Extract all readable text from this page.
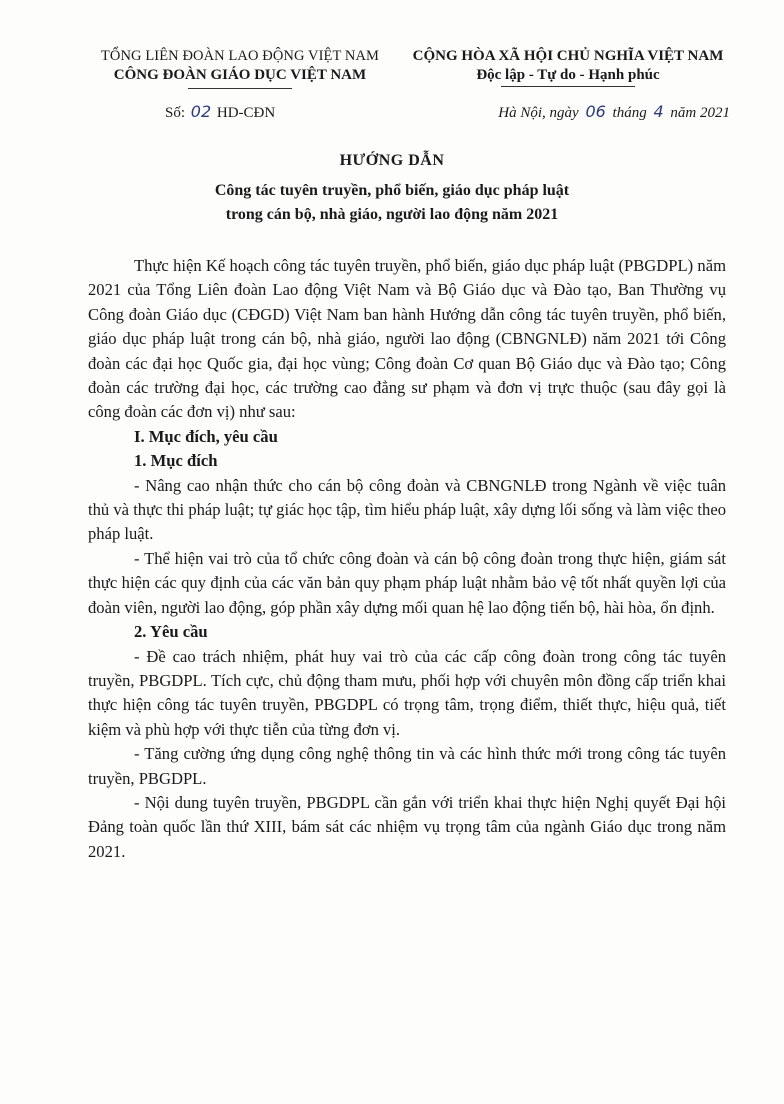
TỔNG LIÊN ĐOÀN LAO ĐỘNG VIỆT NAM
CÔNG ĐOÀN GIÁO DỤC VIỆT NAM
Số: 02 HD-CĐN
CỘNG HÒA XÃ HỘI CHỦ NGHĨA VIỆT NAM
Độc lập - Tự do - Hạnh phúc
Hà Nội, ngày 06 tháng 4 năm 2021
HƯỚNG DẪN
Công tác tuyên truyền, phổ biến, giáo dục pháp luật
trong cán bộ, nhà giáo, người lao động năm 2021

Thực hiện Kế hoạch công tác tuyên truyền, phổ biến, giáo dục pháp luật (PBGDPL) năm 2021 của Tổng Liên đoàn Lao động Việt Nam và Bộ Giáo dục và Đào tạo, Ban Thường vụ Công đoàn Giáo dục (CĐGD) Việt Nam ban hành Hướng dẫn công tác tuyên truyền, phổ biến, giáo dục pháp luật trong cán bộ, nhà giáo, người lao động (CBNGNLĐ) năm 2021 tới Công đoàn các đại học Quốc gia, đại học vùng; Công đoàn Cơ quan Bộ Giáo dục và Đào tạo; Công đoàn các trường đại học, các trường cao đẳng sư phạm và đơn vị trực thuộc (sau đây gọi là công đoàn các đơn vị) như sau:

I. Mục đích, yêu cầu
1. Mục đích

- Nâng cao nhận thức cho cán bộ công đoàn và CBNGNLĐ trong Ngành về việc tuân thủ và thực thi pháp luật; tự giác học tập, tìm hiểu pháp luật, xây dựng lối sống và làm việc theo pháp luật.

- Thể hiện vai trò của tổ chức công đoàn và cán bộ công đoàn trong thực hiện, giám sát thực hiện các quy định của các văn bản quy phạm pháp luật nhằm bảo vệ tốt nhất quyền lợi của đoàn viên, người lao động, góp phần xây dựng mối quan hệ lao động tiến bộ, hài hòa, ổn định.

2. Yêu cầu

- Đề cao trách nhiệm, phát huy vai trò của các cấp công đoàn trong công tác tuyên truyền, PBGDPL. Tích cực, chủ động tham mưu, phối hợp với chuyên môn đồng cấp triển khai thực hiện công tác tuyên truyền, PBGDPL có trọng tâm, trọng điểm, thiết thực, hiệu quả, tiết kiệm và phù hợp với thực tiễn của từng đơn vị.

- Tăng cường ứng dụng công nghệ thông tin và các hình thức mới trong công tác tuyên truyền, PBGDPL.

- Nội dung tuyên truyền, PBGDPL cần gắn với triển khai thực hiện Nghị quyết Đại hội Đảng toàn quốc lần thứ XIII, bám sát các nhiệm vụ trọng tâm của ngành Giáo dục trong năm 2021.
